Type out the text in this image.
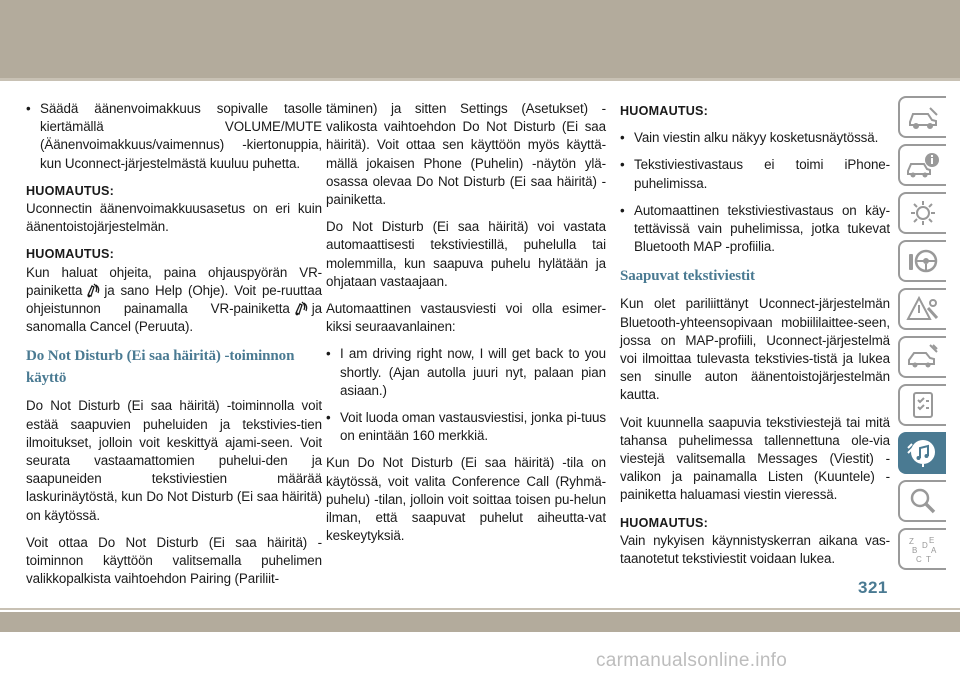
• Säädä äänenvoimakkuus sopivalle tasolle kiertämällä VOLUME/MUTE (Äänenvoimakkuus/vaimennus) -kiertonuppia, kun Uconnect-järjestelmästä kuuluu puhetta.
HUOMAUTUS:
Uconnectin äänenvoimakkuusasetus on eri kuin äänentoistojärjestelmän.
HUOMAUTUS:
Kun haluat ohjeita, paina ohjauspyörän VR-painiketta ja sano Help (Ohje). Voit pe-ruuttaa ohjeistunnon painamalla VR-painiketta ja sanomalla Cancel (Peruuta).
Do Not Disturb (Ei saa häiritä) -toiminnon käyttö
Do Not Disturb (Ei saa häiritä) -toiminnolla voit estää saapuvien puheluiden ja tekstivies-tien ilmoitukset, jolloin voit keskittyä ajami-seen. Voit seurata vastaamattomien puhelui-den ja saapuneiden tekstiviestien määrää laskurinäytöstä, kun Do Not Disturb (Ei saa häiritä) on käytössä.
Voit ottaa Do Not Disturb (Ei saa häiritä) -toiminnon käyttöön valitsemalla puhelimen valikkopalkista vaihtoehdon Pairing (Pariliit-
täminen) ja sitten Settings (Asetukset) -valikosta vaihtoehdon Do Not Disturb (Ei saa häiritä). Voit ottaa sen käyttöön myös käyttä-mällä jokaisen Phone (Puhelin) -näytön ylä-osassa olevaa Do Not Disturb (Ei saa häiritä) -painiketta.
Do Not Disturb (Ei saa häiritä) voi vastata automaattisesti tekstiviestillä, puhelulla tai molemmilla, kun saapuva puhelu hylätään ja ohjataan vastaajaan.
Automaattinen vastausviesti voi olla esimer-kiksi seuraavanlainen:
• I am driving right now, I will get back to you shortly. (Ajan autolla juuri nyt, palaan pian asiaan.)
• Voit luoda oman vastausviestisi, jonka pi-tuus on enintään 160 merkkiä.
Kun Do Not Disturb (Ei saa häiritä) -tila on käytössä, voit valita Conference Call (Ryhmä-puhelu) -tilan, jolloin voit soittaa toisen pu-helun ilman, että saapuvat puhelut aiheutta-vat keskeytyksiä.
HUOMAUTUS:
• Vain viestin alku näkyy kosketusnäytössä.
• Tekstiviestivastaus ei toimi iPhone-puhelimissa.
• Automaattinen tekstiviestivastaus on käy-tettävissä vain puhelimissa, jotka tukevat Bluetooth MAP -profiilia.
Saapuvat tekstiviestit
Kun olet pariliittänyt Uconnect-järjestelmän Bluetooth-yhteensopivaan mobiililaittee-seen, jossa on MAP-profiili, Uconnect-järjestelmä voi ilmoittaa tulevasta tekstivies-tistä ja lukea sen sinulle auton äänentoistojärjestelmän kautta.
Voit kuunnella saapuvia tekstiviestejä tai mitä tahansa puhelimessa tallennettuna ole-via viestejä valitsemalla Messages (Viestit) -valikon ja painamalla Listen (Kuuntele) -painiketta haluamasi viestin vieressä.
HUOMAUTUS:
Vain nykyisen käynnistyskerran aikana vas-taanotetut tekstiviestit voidaan lukea.
Z E
B A
C
D
T
321
carmanualsonline.info
